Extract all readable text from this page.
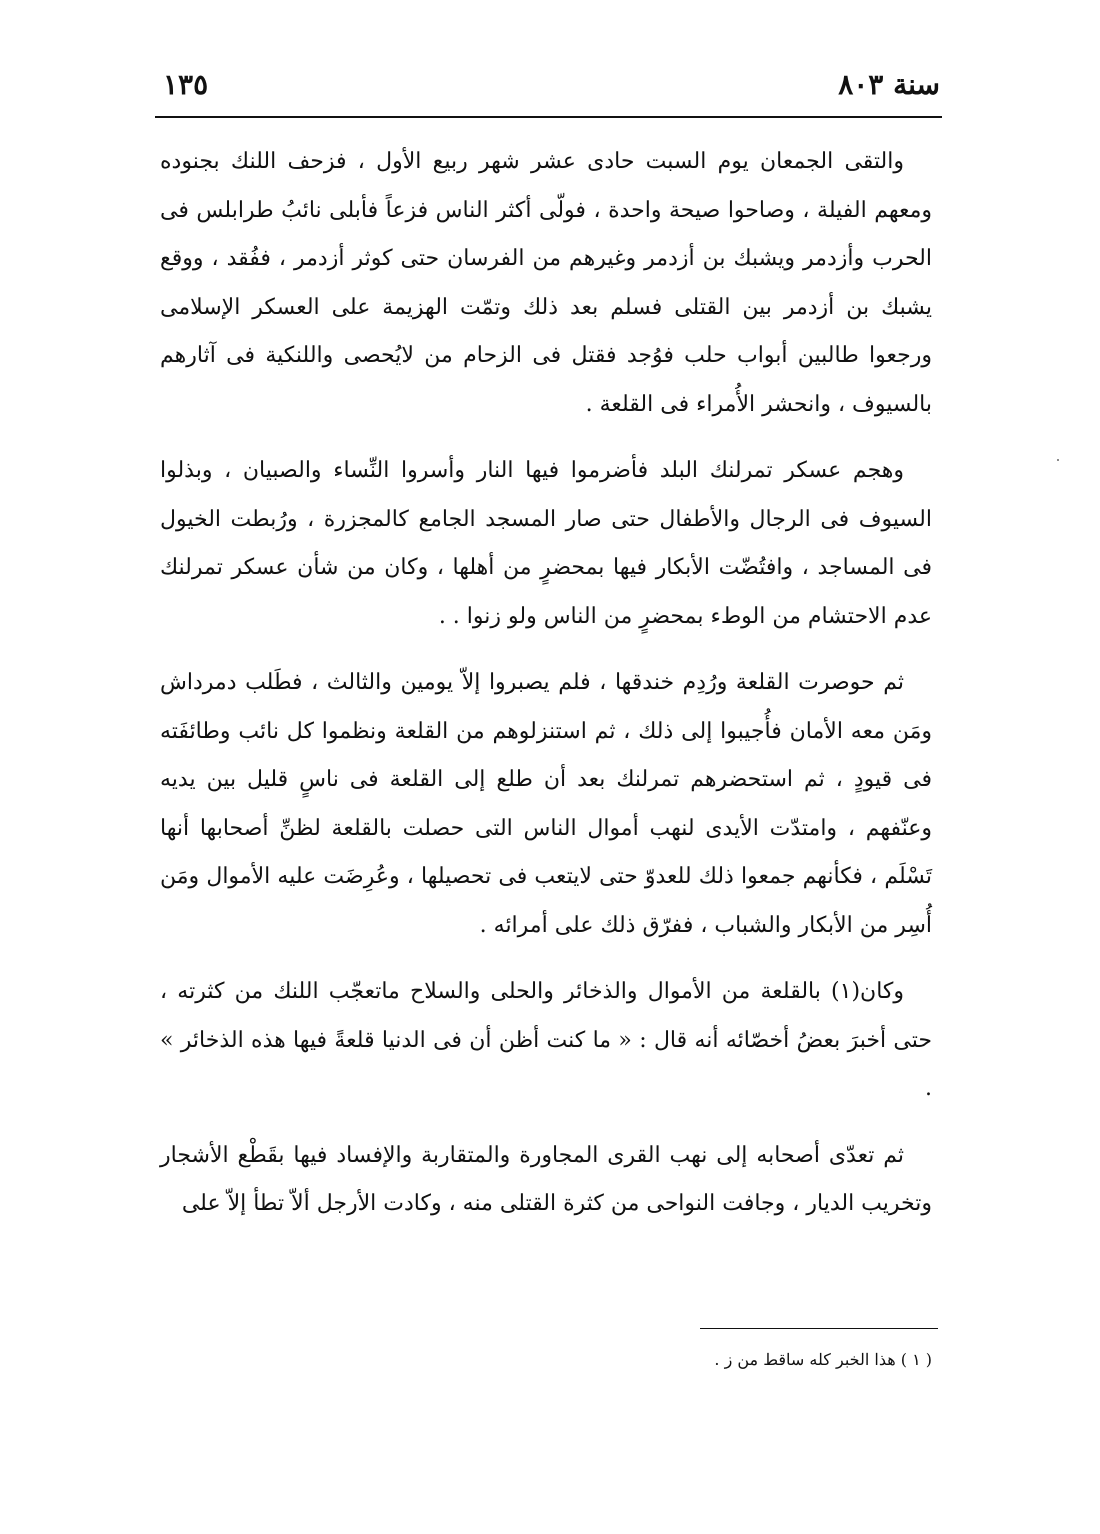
سنة ٨٠٣
١٣٥

والتقى الجمعان يوم السبت حادى عشر شهر ربيع الأول ، فزحف اللنك بجنوده ومعهم الفيلة ، وصاحوا صيحة واحدة ، فولّى أكثر الناس فزعاً فأبلى نائبُ طرابلس فى الحرب وأزدمر ويشبك بن أزدمر وغيرهم من الفرسان حتى كوثر أزدمر ، ففُقد ، ووقع يشبك بن أزدمر بين القتلى فسلم بعد ذلك وتمّت الهزيمة على العسكر الإسلامى ورجعوا طالبين أبواب حلب فوُجد فقتل فى الزحام من لايُحصى واللنكية فى آثارهم بالسيوف ، وانحشر الأُمراء فى القلعة .

وهجم عسكر تمرلنك البلد فأضرموا فيها النار وأسروا النِّساء والصبيان ، وبذلوا السيوف فى الرجال والأطفال حتى صار المسجد الجامع كالمجزرة ، ورُبطت الخيول فى المساجد ، وافتُضّت الأبكار فيها بمحضرٍ من أهلها ، وكان من شأن عسكر تمرلنك عدم الاحتشام من الوطء بمحضرٍ من الناس ولو زنوا . .

ثم حوصرت القلعة ورُدِم خندقها ، فلم يصبروا إلاّ يومين والثالث ، فطَلب دمرداش ومَن معه الأمان فأُجيبوا إلى ذلك ، ثم استنزلوهم من القلعة ونظموا كل نائب وطائفَته فى قيودٍ ، ثم استحضرهم تمرلنك بعد أن طلع إلى القلعة فى ناسٍ قليل بين يديه وعنّفهم ، وامتدّت الأيدى لنهب أموال الناس التى حصلت بالقلعة لظنِّ أصحابها أنها تَسْلَم ، فكأنهم جمعوا ذلك للعدوّ حتى لايتعب فى تحصيلها ، وعُرِضَت عليه الأموال ومَن أُسِر من الأبكار والشباب ، ففرّق ذلك على أمرائه .

وكان(١) بالقلعة من الأموال والذخائر والحلى والسلاح ماتعجّب اللنك من كثرته ، حتى أخبرَ بعضُ أخصّائه أنه قال : « ما كنت أظن أن فى الدنيا قلعةً فيها هذه الذخائر » .

ثم تعدّى أصحابه إلى نهب القرى المجاورة والمتقاربة والإفساد فيها بقَطْع الأشجار وتخريب الديار ، وجافت النواحى من كثرة القتلى منه ، وكادت الأرجل ألاّ تطأ إلاّ على

( ١ ) هذا الخبر كله ساقط من ز .
